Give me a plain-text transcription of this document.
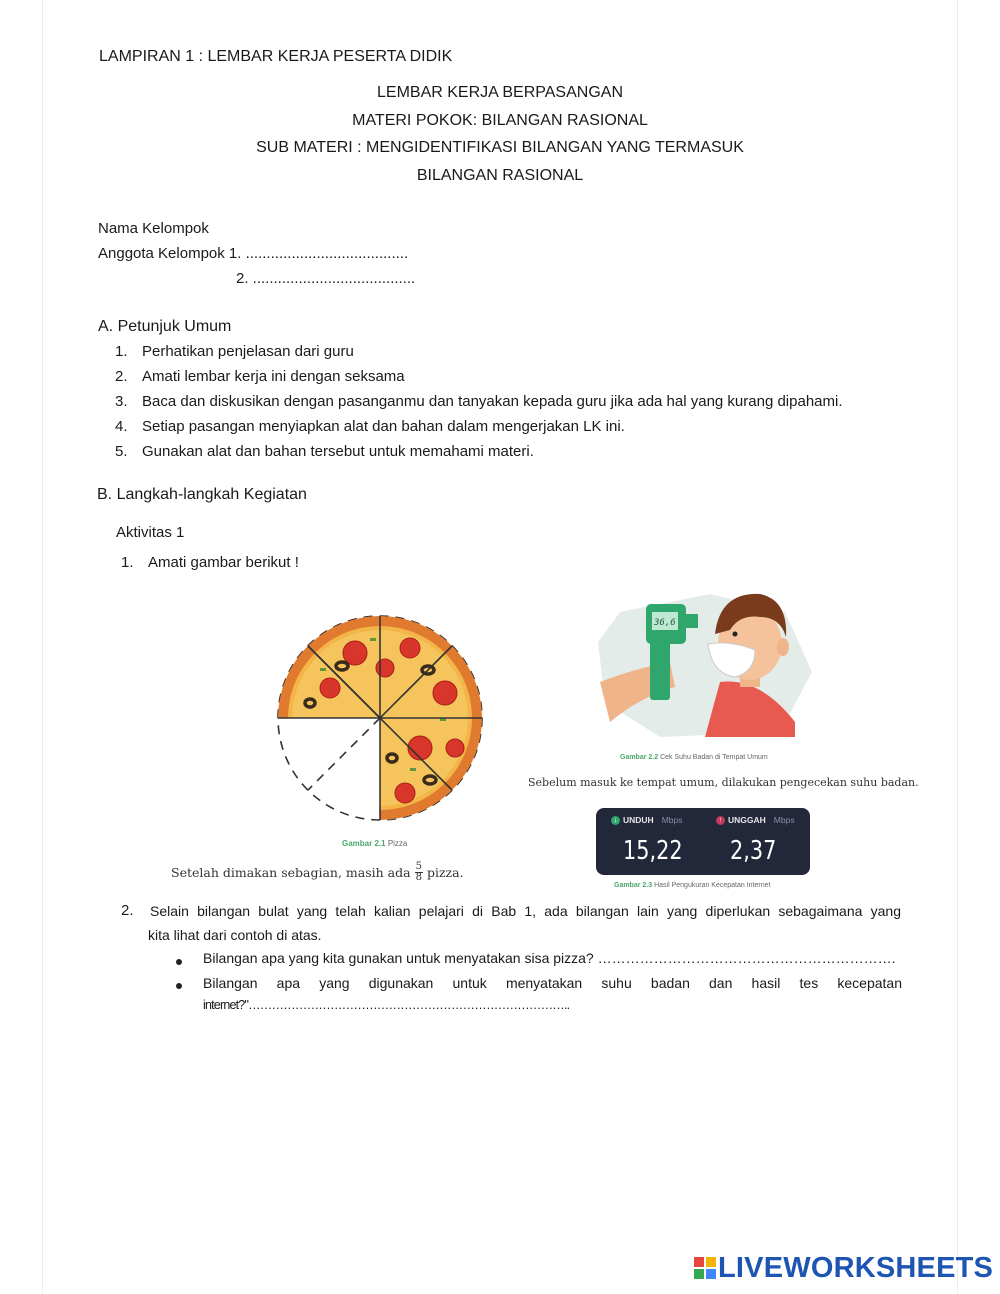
LAMPIRAN 1 : LEMBAR KERJA PESERTA DIDIK
LEMBAR KERJA BERPASANGAN
MATERI POKOK: BILANGAN RASIONAL
SUB MATERI : MENGIDENTIFIKASI BILANGAN YANG TERMASUK
BILANGAN RASIONAL
Nama Kelompok
Anggota Kelompok 1. .......................................
2. .......................................
A. Petunjuk Umum
1. Perhatikan penjelasan dari guru
2. Amati lembar kerja ini dengan seksama
3. Baca dan diskusikan dengan pasanganmu dan tanyakan kepada guru jika ada hal yang kurang dipahami.
4. Setiap pasangan menyiapkan alat dan bahan dalam mengerjakan LK ini.
5. Gunakan alat dan bahan tersebut untuk memahami materi.
B. Langkah-langkah Kegiatan
Aktivitas 1
1. Amati gambar berikut !
Gambar 2.1 Pizza
Setelah dimakan sebagian, masih ada $\frac{5}{8}$ pizza.
36,6
Gambar 2.2 Cek Suhu Badan di Tempat Umum
Sebelum masuk ke tempat umum, dilakukan pengecekan suhu badan.
↓ UNDUH Mbps	↑ UNGGAH Mbps
15,22 2,37
Gambar 2.3 Hasil Pengukuran Kecepatan Internet
2. Selain bilangan bulat yang telah kalian pelajari di Bab 1, ada bilangan lain yang diperlukan sebagaimana yang
kita lihat dari contoh di atas.
Bilangan apa yang kita gunakan untuk menyatakan sisa pizza? ……………………………………………………….
Bilangan apa yang digunakan untuk menyatakan suhu badan dan hasil tes kecepatan
internet?"………………………………………………………………………..
LIVEWORKSHEETS
